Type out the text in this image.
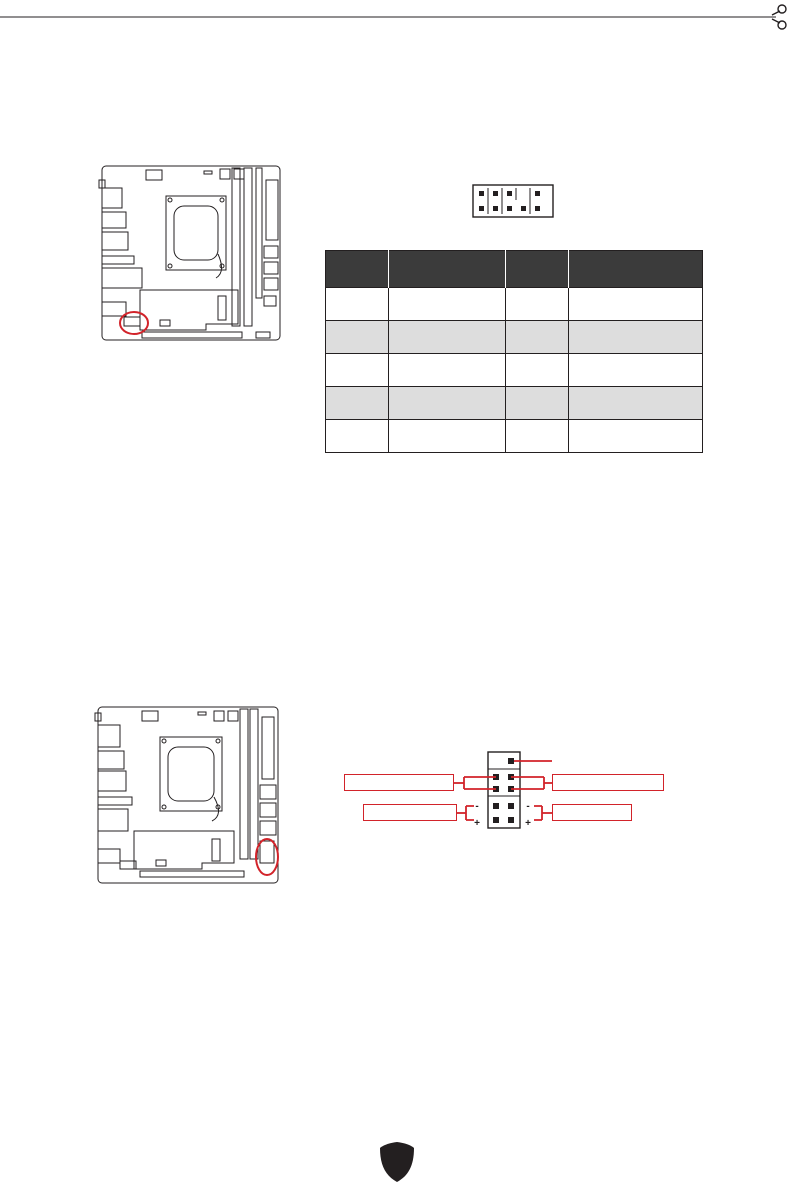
-
+
-
+
